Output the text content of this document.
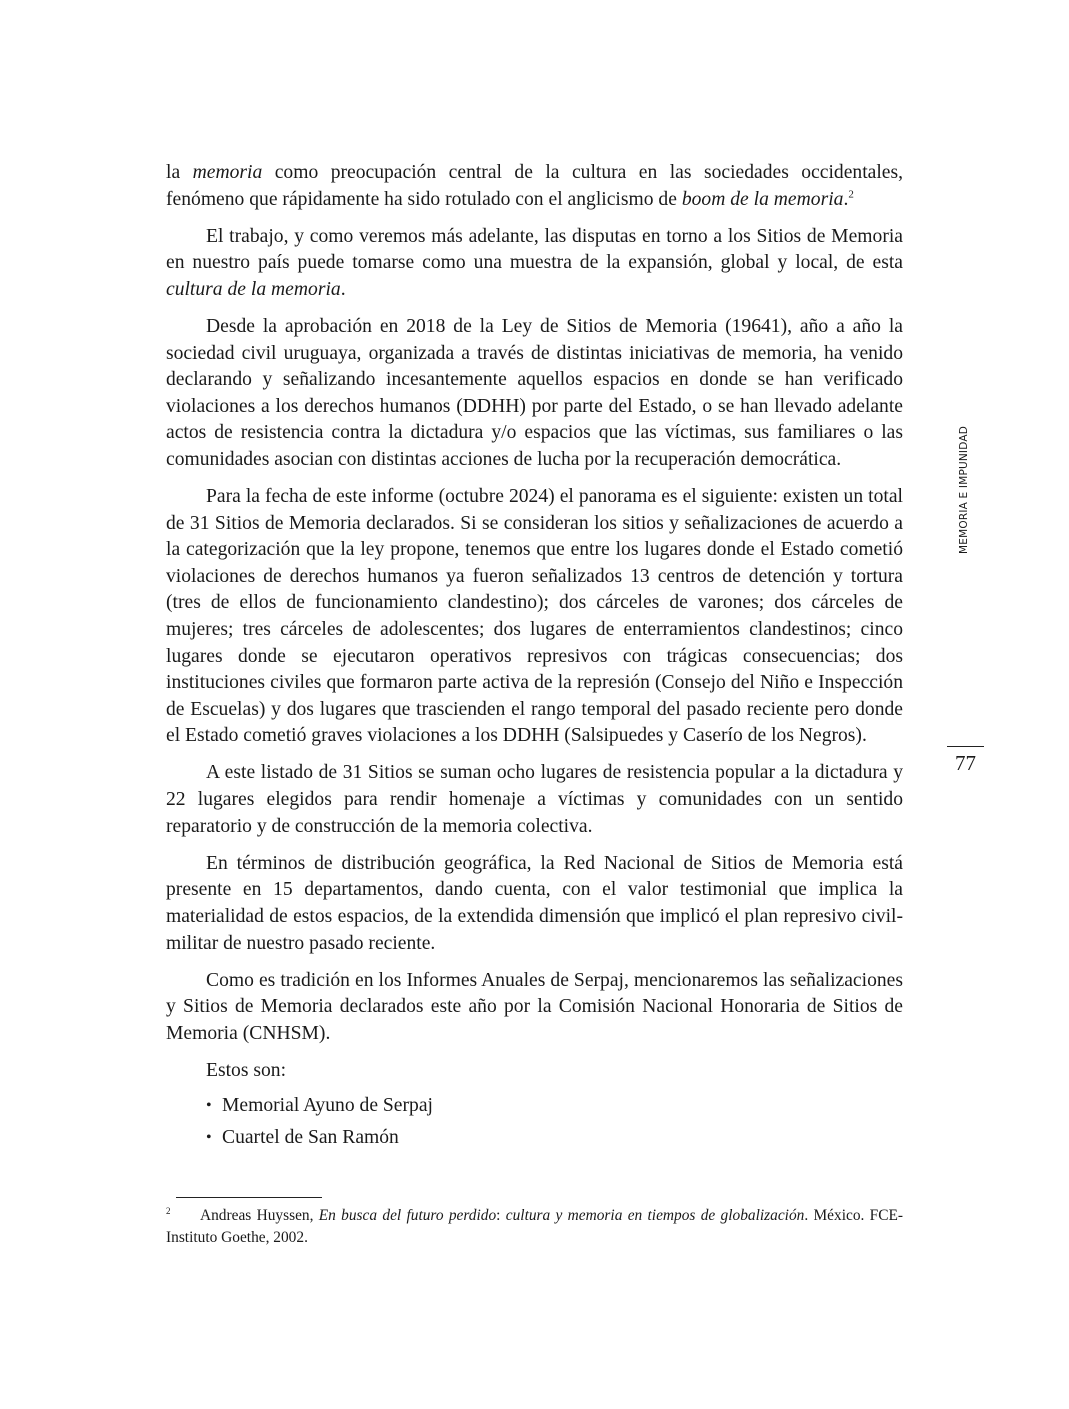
la memoria como preocupación central de la cultura en las sociedades occidentales, fenómeno que rápidamente ha sido rotulado con el anglicismo de boom de la memoria.$^2$

El trabajo, y como veremos más adelante, las disputas en torno a los Sitios de Memoria en nuestro país puede tomarse como una muestra de la expansión, global y local, de esta cultura de la memoria.

Desde la aprobación en 2018 de la Ley de Sitios de Memoria (19641), año a año la sociedad civil uruguaya, organizada a través de distintas iniciativas de memoria, ha venido declarando y señalizando incesantemente aquellos espacios en donde se han verificado violaciones a los derechos humanos (DDHH) por parte del Estado, o se han llevado adelante actos de resistencia contra la dictadura y/o espacios que las víctimas, sus familiares o las comunidades asocian con distintas acciones de lucha por la recuperación democrática.

Para la fecha de este informe (octubre 2024) el panorama es el siguiente: existen un total de 31 Sitios de Memoria declarados. Si se consideran los sitios y señalizaciones de acuerdo a la categorización que la ley propone, tenemos que entre los lugares donde el Estado cometió violaciones de derechos humanos ya fueron señalizados 13 centros de detención y tortura (tres de ellos de funcionamiento clandestino); dos cárceles de varones; dos cárceles de mujeres; tres cárceles de adolescentes; dos lugares de enterramientos clandestinos; cinco lugares donde se ejecutaron operativos represivos con trágicas consecuencias; dos instituciones civiles que formaron parte activa de la represión (Consejo del Niño e Inspección de Escuelas) y dos lugares que trascienden el rango temporal del pasado reciente pero donde el Estado cometió graves violaciones a los DDHH (Salsipuedes y Caserío de los Negros).

A este listado de 31 Sitios se suman ocho lugares de resistencia popular a la dictadura y 22 lugares elegidos para rendir homenaje a víctimas y comunidades con un sentido reparatorio y de construcción de la memoria colectiva.

En términos de distribución geográfica, la Red Nacional de Sitios de Memoria está presente en 15 departamentos, dando cuenta, con el valor testimonial que implica la materialidad de estos espacios, de la extendida dimensión que implicó el plan represivo civil-militar de nuestro pasado reciente.

Como es tradición en los Informes Anuales de Serpaj, mencionaremos las señalizaciones y Sitios de Memoria declarados este año por la Comisión Nacional Honoraria de Sitios de Memoria (CNHSM).

Estos son:

• Memorial Ayuno de Serpaj
• Cuartel de San Ramón
2 Andreas Huyssen, En busca del futuro perdido: cultura y memoria en tiempos de globalización. México. FCE-Instituto Goethe, 2002.
MEMORIA E IMPUNIDAD
77
